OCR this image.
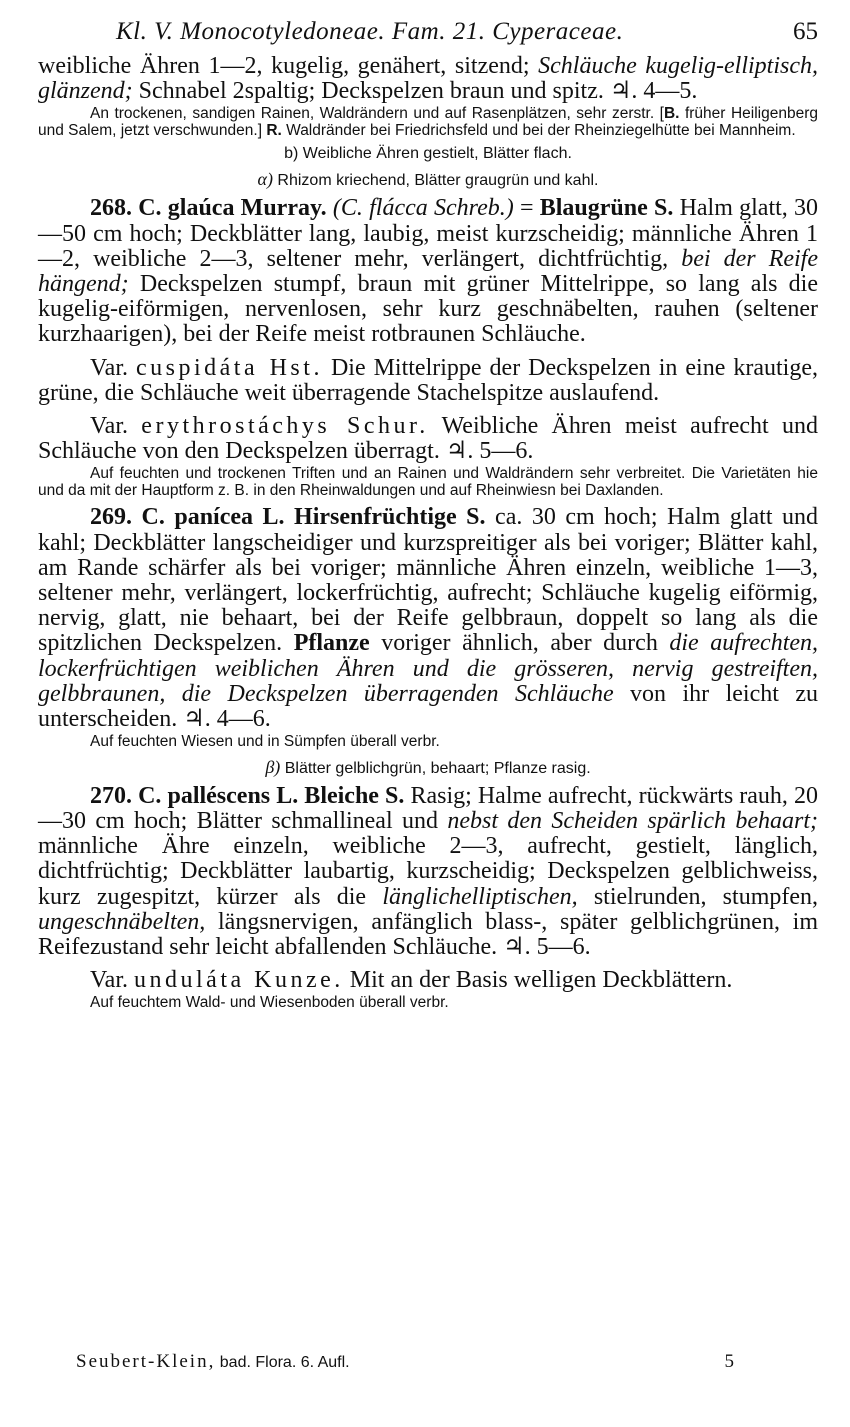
Kl. V. Monocotyledoneae. Fam. 21. Cyperaceae.	65

weibliche Ähren 1—2, kugelig, genähert, sitzend; Schläuche kugelig-elliptisch, glänzend; Schnabel 2spaltig; Deckspelzen braun und spitz. ♃. 4—5.

An trockenen, sandigen Rainen, Waldrändern und auf Rasenplätzen, sehr zerstr. [B. früher Heiligenberg und Salem, jetzt verschwunden.] R. Waldränder bei Friedrichsfeld und bei der Rheinziegelhütte bei Mannheim.

b) Weibliche Ähren gestielt, Blätter flach.

α) Rhizom kriechend, Blätter graugrün und kahl.

268. C. glaúca Murray. (C. flácca Schreb.) = Blaugrüne S. Halm glatt, 30—50 cm hoch; Deckblätter lang, laubig, meist kurzscheidig; männliche Ähren 1—2, weibliche 2—3, seltener mehr, verlängert, dichtfrüchtig, bei der Reife hängend; Deckspelzen stumpf, braun mit grüner Mittelrippe, so lang als die kugelig-eiförmigen, nervenlosen, sehr kurz geschnäbelten, rauhen (seltener kurzhaarigen), bei der Reife meist rotbraunen Schläuche.

Var. cuspidáta Hst. Die Mittelrippe der Deckspelzen in eine krautige, grüne, die Schläuche weit überragende Stachelspitze auslaufend.

Var. erythrostáchys Schur. Weibliche Ähren meist aufrecht und Schläuche von den Deckspelzen überragt. ♃. 5—6.

Auf feuchten und trockenen Triften und an Rainen und Waldrändern sehr verbreitet. Die Varietäten hie und da mit der Hauptform z. B. in den Rheinwaldungen und auf Rheinwiesn bei Daxlanden.

269. C. panícea L. Hirsenfrüchtige S. ca. 30 cm hoch; Halm glatt und kahl; Deckblätter langscheidiger und kurzspreitiger als bei voriger; Blätter kahl, am Rande schärfer als bei voriger; männliche Ähren einzeln, weibliche 1—3, seltener mehr, verlängert, lockerfrüchtig, aufrecht; Schläuche kugelig eiförmig, nervig, glatt, nie behaart, bei der Reife gelbbraun, doppelt so lang als die spitzlichen Deckspelzen. Pflanze voriger ähnlich, aber durch die aufrechten, lockerfrüchtigen weiblichen Ähren und die grösseren, nervig gestreiften, gelbbraunen, die Deckspelzen überragenden Schläuche von ihr leicht zu unterscheiden. ♃. 4—6.

Auf feuchten Wiesen und in Sümpfen überall verbr.

β) Blätter gelblichgrün, behaart; Pflanze rasig.

270. C. palléscens L. Bleiche S. Rasig; Halme aufrecht, rückwärts rauh, 20—30 cm hoch; Blätter schmallineal und nebst den Scheiden spärlich behaart; männliche Ähre einzeln, weibliche 2—3, aufrecht, gestielt, länglich, dichtfrüchtig; Deckblätter laubartig, kurzscheidig; Deckspelzen gelblichweiss, kurz zugespitzt, kürzer als die länglichelliptischen, stielrunden, stumpfen, ungeschnäbelten, längsnervigen, anfänglich blass-, später gelblichgrünen, im Reifezustand sehr leicht abfallenden Schläuche. ♃. 5—6.

Var. unduláta Kunze. Mit an der Basis welligen Deckblättern.

Auf feuchtem Wald- und Wiesenboden überall verbr.

Seubert-Klein, bad. Flora. 6. Aufl.	5
